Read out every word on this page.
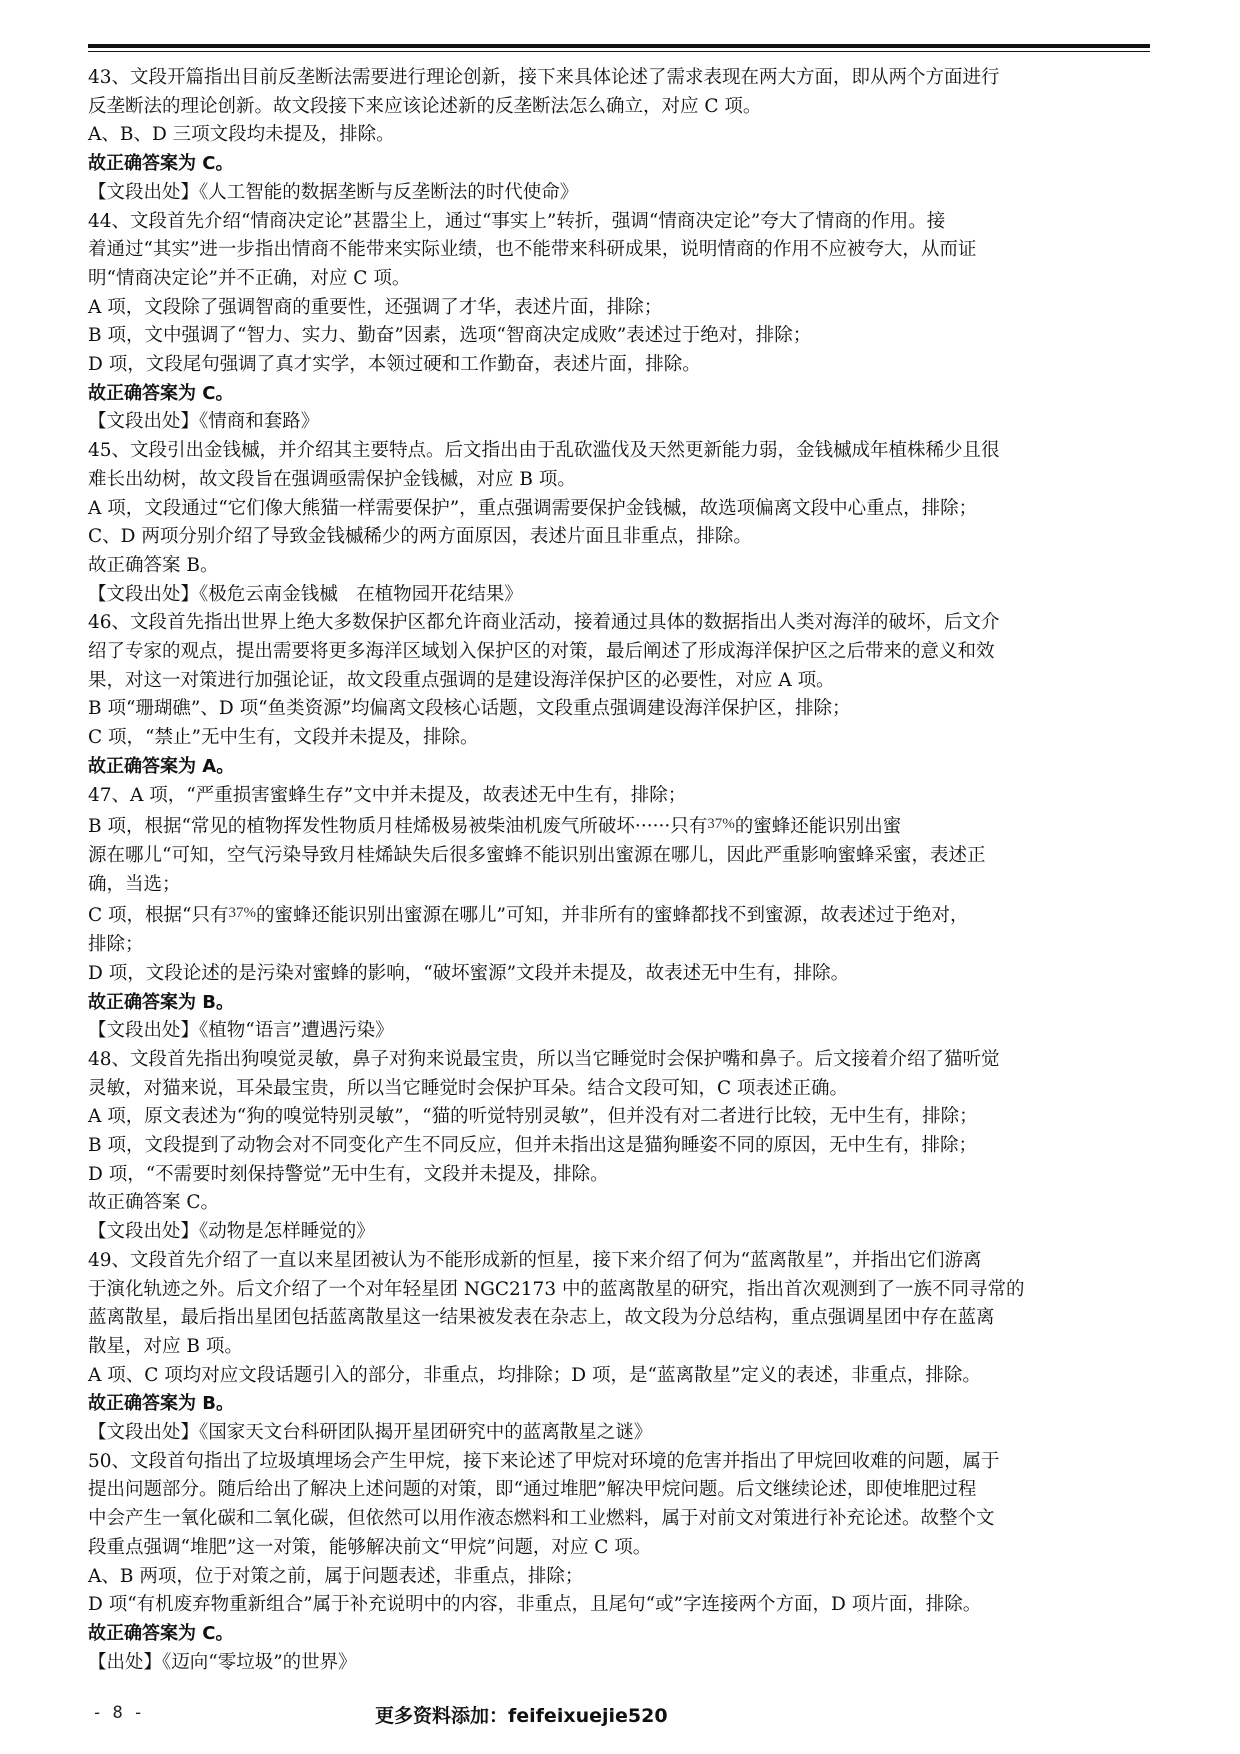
43、文段开篇指出目前反垄断法需要进行理论创新，接下来具体论述了需求表现在两大方面，即从两个方面进行

反垄断法的理论创新。故文段接下来应该论述新的反垄断法怎么确立，对应 C 项。

A、B、D 三项文段均未提及，排除。

故正确答案为 C。

【文段出处】《人工智能的数据垄断与反垄断法的时代使命》

44、文段首先介绍“情商决定论”甚嚣尘上，通过“事实上”转折，强调“情商决定论”夸大了情商的作用。接

着通过“其实”进一步指出情商不能带来实际业绩，也不能带来科研成果，说明情商的作用不应被夸大，从而证

明“情商决定论”并不正确，对应 C 项。

A 项，文段除了强调智商的重要性，还强调了才华，表述片面，排除；

B 项，文中强调了“智力、实力、勤奋”因素，选项“智商决定成败”表述过于绝对，排除；

D 项，文段尾句强调了真才实学，本领过硬和工作勤奋，表述片面，排除。

故正确答案为 C。

【文段出处】《情商和套路》

45、文段引出金钱槭，并介绍其主要特点。后文指出由于乱砍滥伐及天然更新能力弱，金钱槭成年植株稀少且很

难长出幼树，故文段旨在强调亟需保护金钱槭，对应 B 项。

A 项，文段通过“它们像大熊猫一样需要保护”，重点强调需要保护金钱槭，故选项偏离文段中心重点，排除；

C、D 两项分别介绍了导致金钱槭稀少的两方面原因，表述片面且非重点，排除。

故正确答案 B。

【文段出处】《极危云南金钱槭　在植物园开花结果》

46、文段首先指出世界上绝大多数保护区都允许商业活动，接着通过具体的数据指出人类对海洋的破坏，后文介

绍了专家的观点，提出需要将更多海洋区域划入保护区的对策，最后阐述了形成海洋保护区之后带来的意义和效

果，对这一对策进行加强论证，故文段重点强调的是建设海洋保护区的必要性，对应 A 项。

B 项“珊瑚礁”、D 项“鱼类资源”均偏离文段核心话题，文段重点强调建设海洋保护区，排除；

C 项，“禁止”无中生有，文段并未提及，排除。

故正确答案为 A。

47、A 项，“严重损害蜜蜂生存”文中并未提及，故表述无中生有，排除；

B 项，根据“常见的植物挥发性物质月桂烯极易被柴油机废气所破坏······只有$^{37\%}$的蜜蜂还能识别出蜜

源在哪儿“可知，空气污染导致月桂烯缺失后很多蜜蜂不能识别出蜜源在哪儿，因此严重影响蜜蜂采蜜，表述正

确，当选；

C 项，根据“只有$^{37\%}$的蜜蜂还能识别出蜜源在哪儿”可知，并非所有的蜜蜂都找不到蜜源，故表述过于绝对，

排除；

D 项，文段论述的是污染对蜜蜂的影响，“破坏蜜源”文段并未提及，故表述无中生有，排除。

故正确答案为 B。

【文段出处】《植物“语言”遭遇污染》

48、文段首先指出狗嗅觉灵敏，鼻子对狗来说最宝贵，所以当它睡觉时会保护嘴和鼻子。后文接着介绍了猫听觉

灵敏，对猫来说，耳朵最宝贵，所以当它睡觉时会保护耳朵。结合文段可知，C 项表述正确。

A 项，原文表述为“狗的嗅觉特别灵敏”，“猫的听觉特别灵敏”，但并没有对二者进行比较，无中生有，排除；

B 项，文段提到了动物会对不同变化产生不同反应，但并未指出这是猫狗睡姿不同的原因，无中生有，排除；

D 项，“不需要时刻保持警觉”无中生有，文段并未提及，排除。

故正确答案 C。

【文段出处】《动物是怎样睡觉的》

49、文段首先介绍了一直以来星团被认为不能形成新的恒星，接下来介绍了何为“蓝离散星”，并指出它们游离

于演化轨迹之外。后文介绍了一个对年轻星团 NGC2173 中的蓝离散星的研究，指出首次观测到了一族不同寻常的

蓝离散星，最后指出星团包括蓝离散星这一结果被发表在杂志上，故文段为分总结构，重点强调星团中存在蓝离

散星，对应 B 项。

A 项、C 项均对应文段话题引入的部分，非重点，均排除；D 项，是“蓝离散星”定义的表述，非重点，排除。

故正确答案为 B。

【文段出处】《国家天文台科研团队揭开星团研究中的蓝离散星之谜》

50、文段首句指出了垃圾填埋场会产生甲烷，接下来论述了甲烷对环境的危害并指出了甲烷回收难的问题，属于

提出问题部分。随后给出了解决上述问题的对策，即“通过堆肥”解决甲烷问题。后文继续论述，即使堆肥过程

中会产生一氧化碳和二氧化碳，但依然可以用作液态燃料和工业燃料，属于对前文对策进行补充论述。故整个文

段重点强调“堆肥”这一对策，能够解决前文“甲烷”问题，对应 C 项。

A、B 两项，位于对策之前，属于问题表述，非重点，排除；

D 项“有机废弃物重新组合”属于补充说明中的内容，非重点，且尾句“或”字连接两个方面，D 项片面，排除。

故正确答案为 C。

【出处】《迈向“零垃圾”的世界》

- 8 -	更多资料添加：feifeixuejie520
